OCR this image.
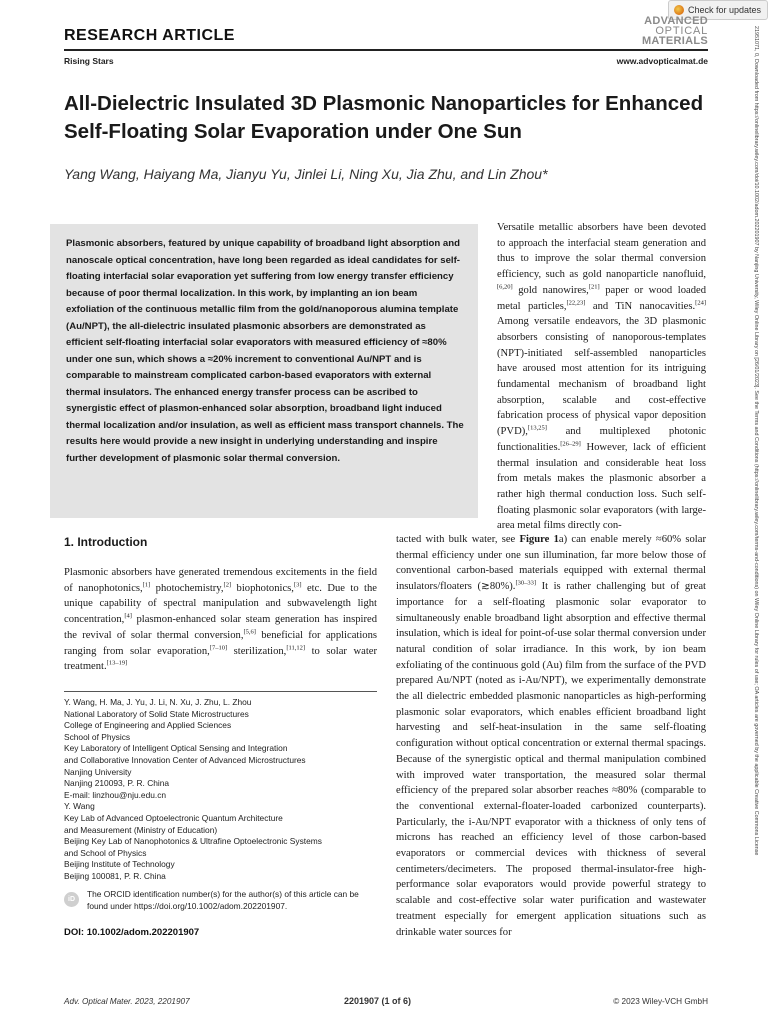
Check for updates
RESEARCH ARTICLE
Rising Stars	www.advopticalmat.de
ADVANCED
OPTICAL
MATERIALS
All-Dielectric Insulated 3D Plasmonic Nanoparticles for Enhanced Self-Floating Solar Evaporation under One Sun
Yang Wang, Haiyang Ma, Jianyu Yu, Jinlei Li, Ning Xu, Jia Zhu, and Lin Zhou*

Plasmonic absorbers, featured by unique capability of broadband light absorption and nanoscale optical concentration, have long been regarded as ideal candidates for self-floating interfacial solar evaporation yet suffering from low energy transfer efficiency because of poor thermal localization. In this work, by implanting an ion beam exfoliation of the continuous metallic film from the gold/nanoporous alumina template (Au/NPT), the all-dielectric insulated plasmonic absorbers are demonstrated as efficient self-floating interfacial solar evaporators with measured efficiency of ≈80% under one sun, which shows a ≈20% increment to conventional Au/NPT and is comparable to mainstream complicated carbon-based evaporators with external thermal insulators. The enhanced energy transfer process can be ascribed to synergistic effect of plasmon-enhanced solar absorption, broadband light induced thermal localization and/or insulation, as well as efficient mass transport channels. The results here would provide a new insight in underlying understanding and inspire further development of plasmonic solar thermal conversion.

Versatile metallic absorbers have been devoted to approach the interfacial steam generation and thus to improve the solar thermal conversion efficiency, such as gold nanoparticle nanofluid,[6,20] gold nanowires,[21] paper or wood loaded metal particles,[22,23] and TiN nanocavities.[24] Among versatile endeavors, the 3D plasmonic absorbers consisting of nanoporous-templates (NPT)-initiated self-assembled nanoparticles have aroused most attention for its intriguing fundamental mechanism of broadband light absorption, scalable and cost-effective fabrication process of physical vapor deposition (PVD),[13,25] and multiplexed photonic functionalities.[26–29] However, lack of efficient thermal insulation and considerable heat loss from metals makes the plasmonic absorber a rather high thermal conduction loss. Such self-floating plasmonic solar evaporators (with large-area metal films directly con-
tacted with bulk water, see Figure 1a) can enable merely ≈60% solar thermal efficiency under one sun illumination, far more below those of conventional carbon-based materials equipped with external thermal insulators/floaters (≳80%).[30–33] It is rather challenging but of great importance for a self-floating plasmonic solar evaporator to simultaneously enable broadband light absorption and effective thermal insulation, which is ideal for point-of-use solar thermal conversion under natural condition of solar irradiance. In this work, by ion beam exfoliating of the continuous gold (Au) film from the surface of the PVD prepared Au/NPT (noted as i-Au/NPT), we experimentally demonstrate the all dielectric embedded plasmonic nanoparticles as high-performing plasmonic solar evaporators, which enables efficient broadband light harvesting and self-heat-insulation in the same self-floating configuration without optical concentration or external thermal spacings. Because of the synergistic optical and thermal manipulation combined with improved water transportation, the measured solar thermal efficiency of the prepared solar absorber reaches ≈80% (comparable to the conventional external-floater-loaded carbonized counterparts). Particularly, the i-Au/NPT evaporator with a thickness of only tens of microns has reached an efficiency level of those carbon-based evaporators or commercial devices with thickness of several centimeters/decimeters. The proposed thermal-insulator-free high-performance solar evaporators would provide powerful strategy to scalable and cost-effective solar water purification and wastewater treatment especially for emergent application situations such as drinkable water sources for
1. Introduction
Plasmonic absorbers have generated tremendous excitements in the field of nanophotonics,[1] photochemistry,[2] biophotonics,[3] etc. Due to the unique capability of spectral manipulation and subwavelength light concentration,[4] plasmon-enhanced solar steam generation has inspired the revival of solar thermal conversion,[5,6] beneficial for applications ranging from solar evaporation,[7–10] sterilization,[11,12] to solar water treatment.[13–19]
Y. Wang, H. Ma, J. Yu, J. Li, N. Xu, J. Zhu, L. Zhou
National Laboratory of Solid State Microstructures
College of Engineering and Applied Sciences
School of Physics
Key Laboratory of Intelligent Optical Sensing and Integration
and Collaborative Innovation Center of Advanced Microstructures
Nanjing University
Nanjing 210093, P. R. China
E-mail: linzhou@nju.edu.cn
Y. Wang
Key Lab of Advanced Optoelectronic Quantum Architecture
and Measurement (Ministry of Education)
Beijing Key Lab of Nanophotonics & Ultrafine Optoelectronic Systems
and School of Physics
Beijing Institute of Technology
Beijing 100081, P. R. China
iD
The ORCID identification number(s) for the author(s) of this article can be found under https://doi.org/10.1002/adom.202201907.
DOI: 10.1002/adom.202201907
Adv. Optical Mater. 2023, 2201907	2201907 (1 of 6)	© 2023 Wiley-VCH GmbH
21951071, 0, Downloaded from https://onlinelibrary.wiley.com/doi/10.1002/adom.202201907 by Nanjing University, Wiley Online Library on [26/01/2023]. See the Terms and Conditions (https://onlinelibrary.wiley.com/terms-and-conditions) on Wiley Online Library for rules of use; OA articles are governed by the applicable Creative Commons License
